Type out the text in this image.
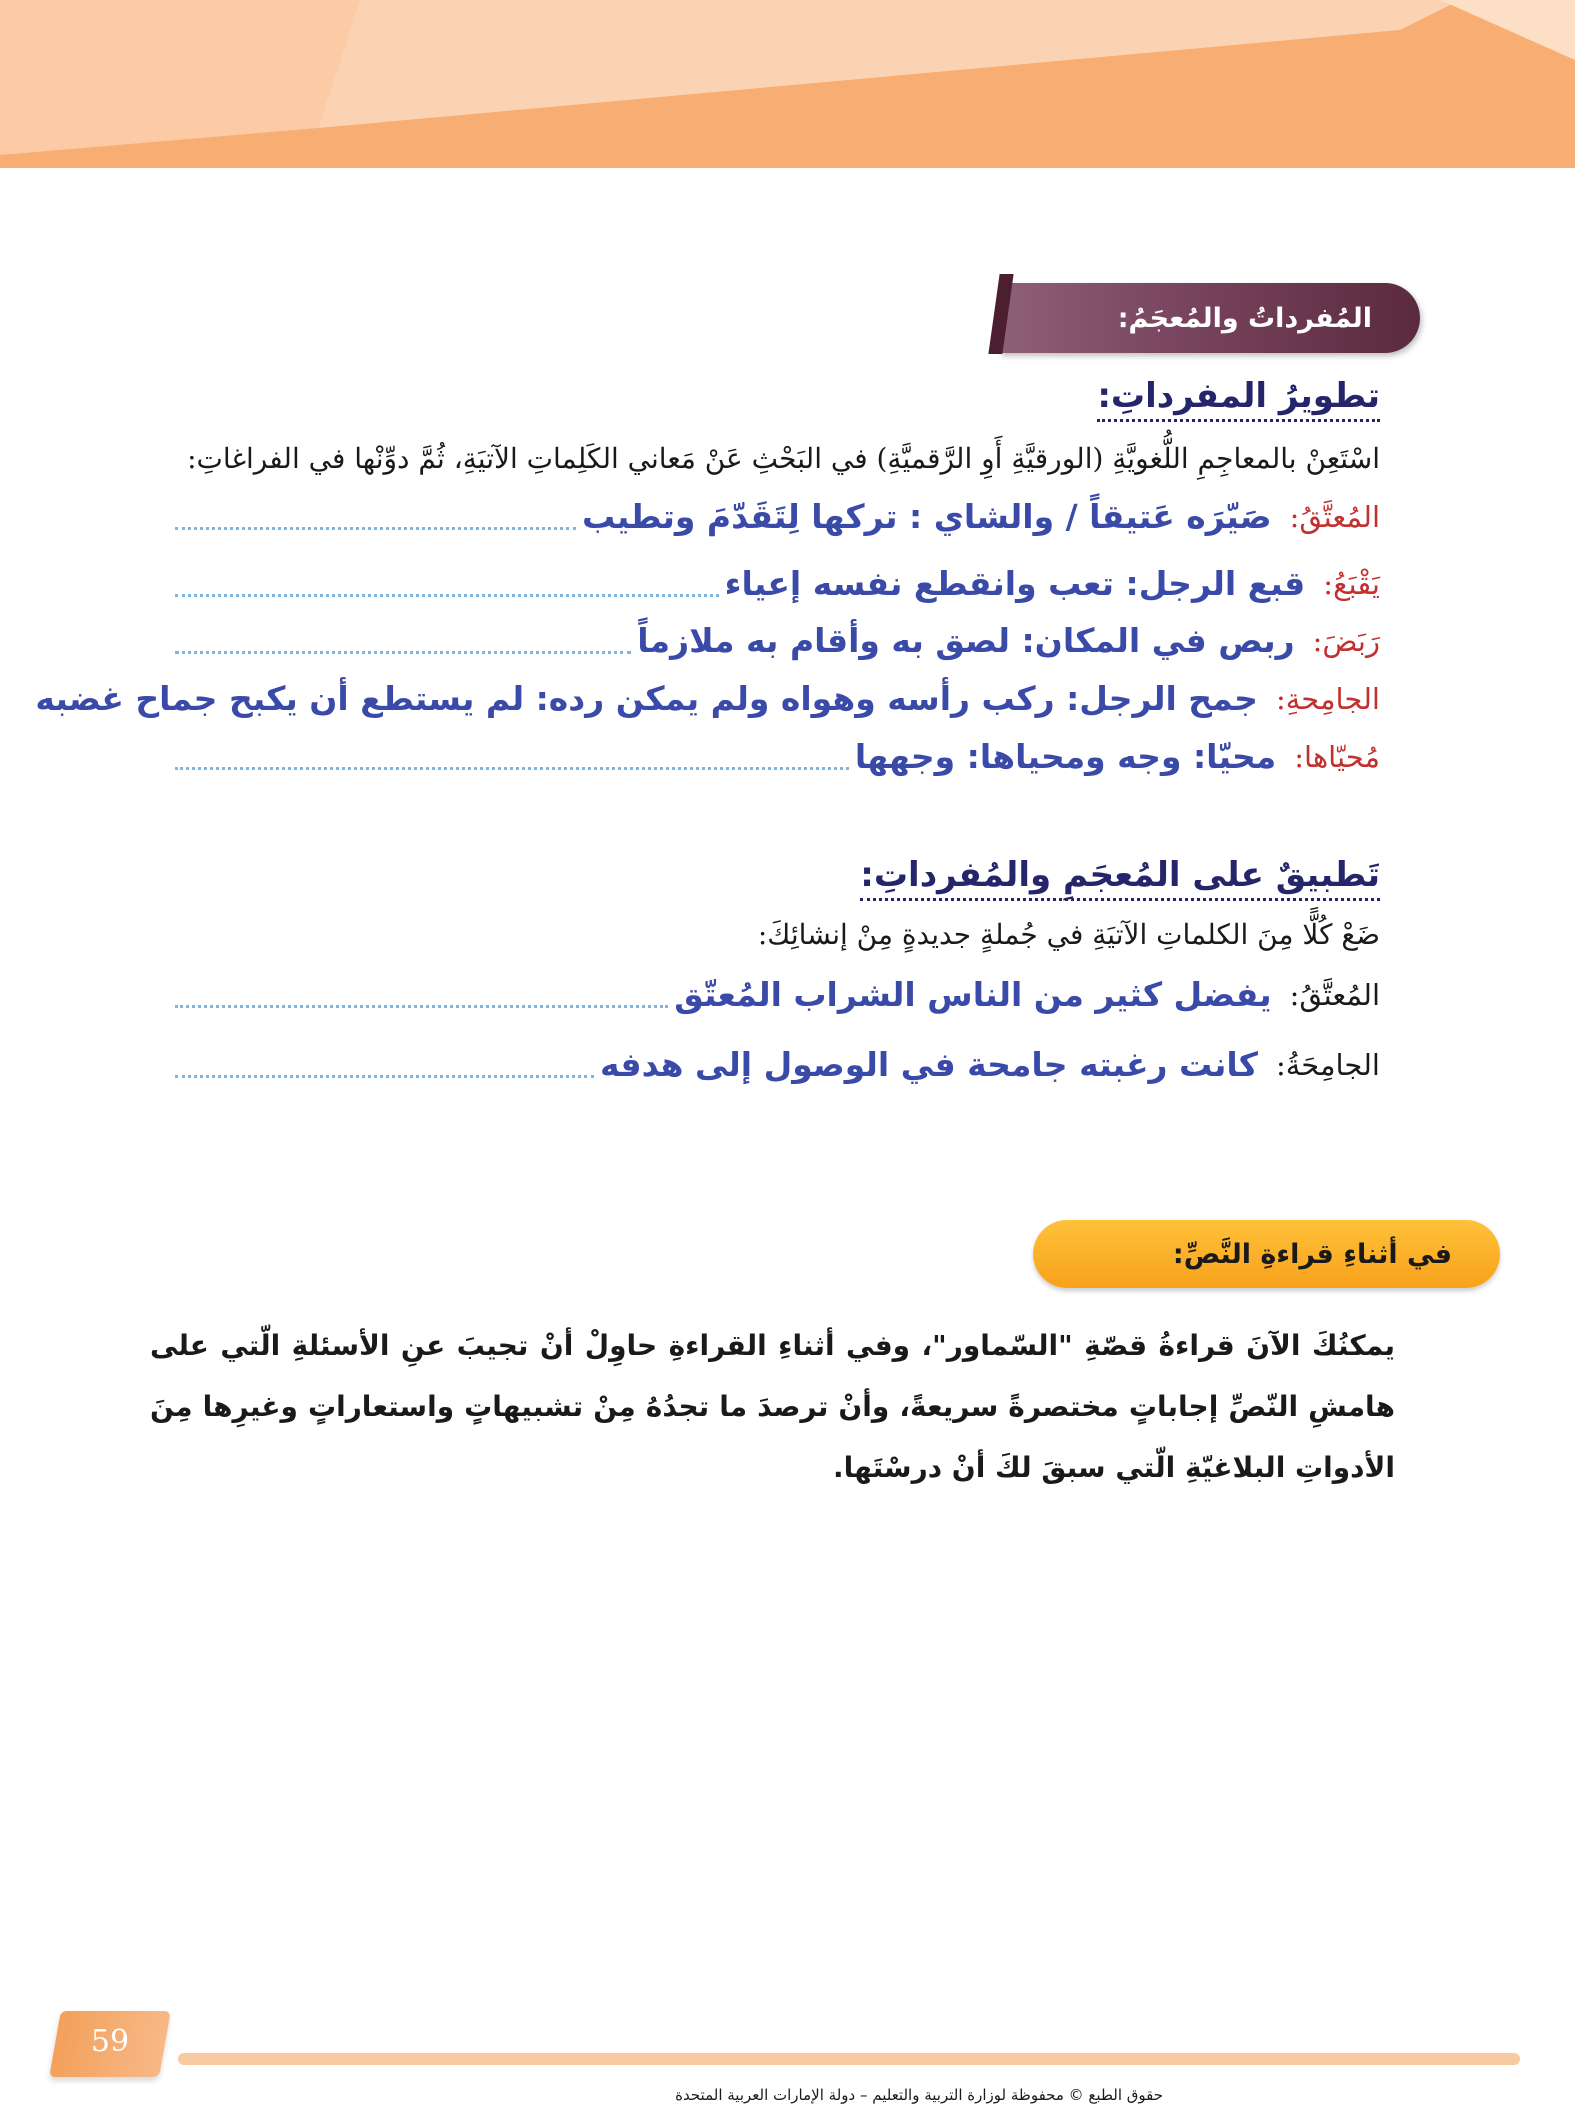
المُفرداتُ والمُعجَمُ:
تطويرُ المفرداتِ:

اسْتَعِنْ بالمعاجِمِ اللُّغويَّةِ (الورقيَّةِ أَوِ الرَّقميَّةِ) في البَحْثِ عَنْ مَعاني الكَلِماتِ الآتيَةِ، ثُمَّ دوِّنْها في الفراغاتِ:

المُعتَّقُ:
صَيّرَه عَتيقاً / والشاي : تركها لِتَقَدّمَ وتطيب
يَقْبَعُ:
قبع الرجل: تعب وانقطع نفسه إعياء
رَبَضَ:
ربص في المكان: لصق به وأقام به ملازماً
الجامِحةِ:
جمح الرجل: ركب رأسه وهواه ولم يمكن رده: لم يستطع أن يكبح جماح غضبه
مُحيّاها:
محيّا: وجه ومحياها: وجهها
تَطبيقٌ على المُعجَمِ والمُفرداتِ:

ضَعْ كُلًّا مِنَ الكلماتِ الآتيَةِ في جُملةٍ جديدةٍ مِنْ إنشائِكَ:

المُعتَّقُ:
يفضل كثير من الناس الشراب المُعتّق
الجامِحَةُ:
كانت رغبته جامحة في الوصول إلى هدفه
في أثناءِ قراءةِ النَّصِّ:

يمكنُكَ الآنَ قراءةُ قصّةِ "السّماور"، وفي أثناءِ القراءةِ حاوِلْ أنْ تجيبَ عنِ الأسئلةِ الّتي على هامشِ النّصِّ إجاباتٍ مختصرةً سريعةً، وأنْ ترصدَ ما تجدُهُ مِنْ تشبيهاتٍ واستعاراتٍ وغيرِها مِنَ الأدواتِ البلاغيّةِ الّتي سبقَ لكَ أنْ درسْتَها.

59
حقوق الطبع © محفوظة لوزارة التربية والتعليم – دولة الإمارات العربية المتحدة
